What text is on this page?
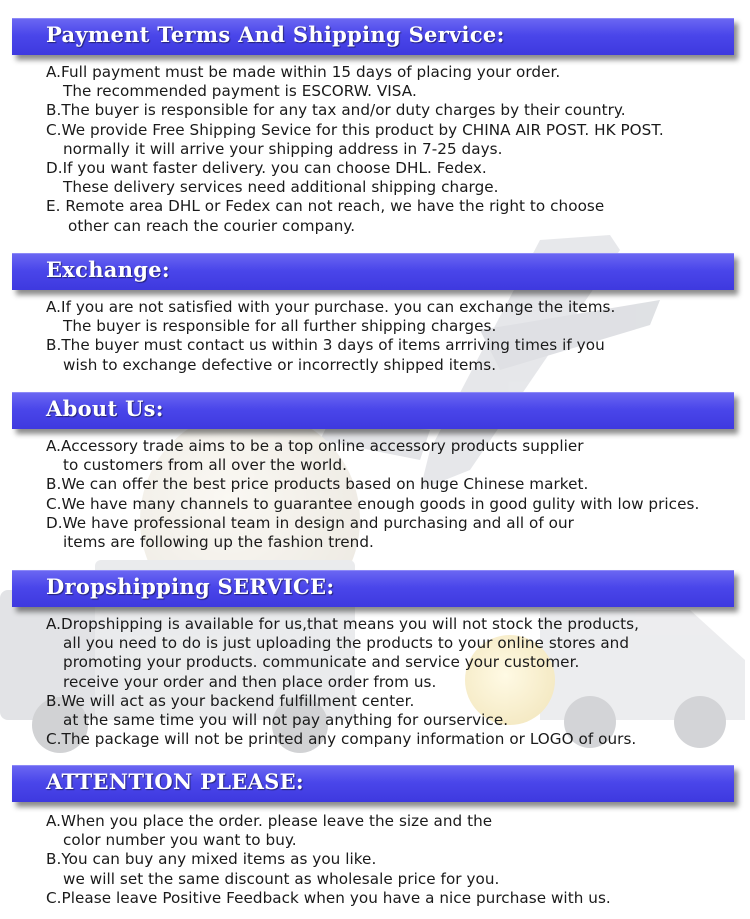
Payment Terms And Shipping Service:
A.Full payment must be made within 15 days of placing your order.
The recommended payment is ESCORW. VISA.
B.The buyer is responsible for any tax and/or duty charges by their country.
C.We provide Free Shipping Sevice for this product by CHINA AIR POST. HK POST.
normally it will arrive your shipping address in 7-25 days.
D.If you want faster delivery. you can choose DHL. Fedex.
These delivery services need additional shipping charge.
E. Remote area DHL or Fedex can not reach, we have the right to choose
other can reach the courier company.
Exchange:
A.If you are not satisfied with your purchase. you can exchange the items.
The buyer is responsible for all further shipping charges.
B.The buyer must contact us within 3 days of items arrriving times if you
wish to exchange defective or incorrectly shipped items.
About Us:
A.Accessory trade aims to be a top online accessory products supplier
to customers from all over the world.
B.We can offer the best price products based on huge Chinese market.
C.We have many channels to guarantee enough goods in good gulity with low prices.
D.We have professional team in design and purchasing and all of our
items are following up the fashion trend.
Dropshipping SERVICE:
A.Dropshipping is available for us,that means you will not stock the products,
all you need to do is just uploading the products to your online stores and
promoting your products. communicate and service your customer.
receive your order and then place order from us.
B.We will act as your backend fulfillment center.
at the same time you will not pay anything for ourservice.
C.The package will not be printed any company information or LOGO of ours.
ATTENTION PLEASE:
A.When you place the order. please leave the size and the
color number you want to buy.
B.You can buy any mixed items as you like.
we will set the same discount as wholesale price for you.
C.Please leave Positive Feedback when you have a nice purchase with us.
